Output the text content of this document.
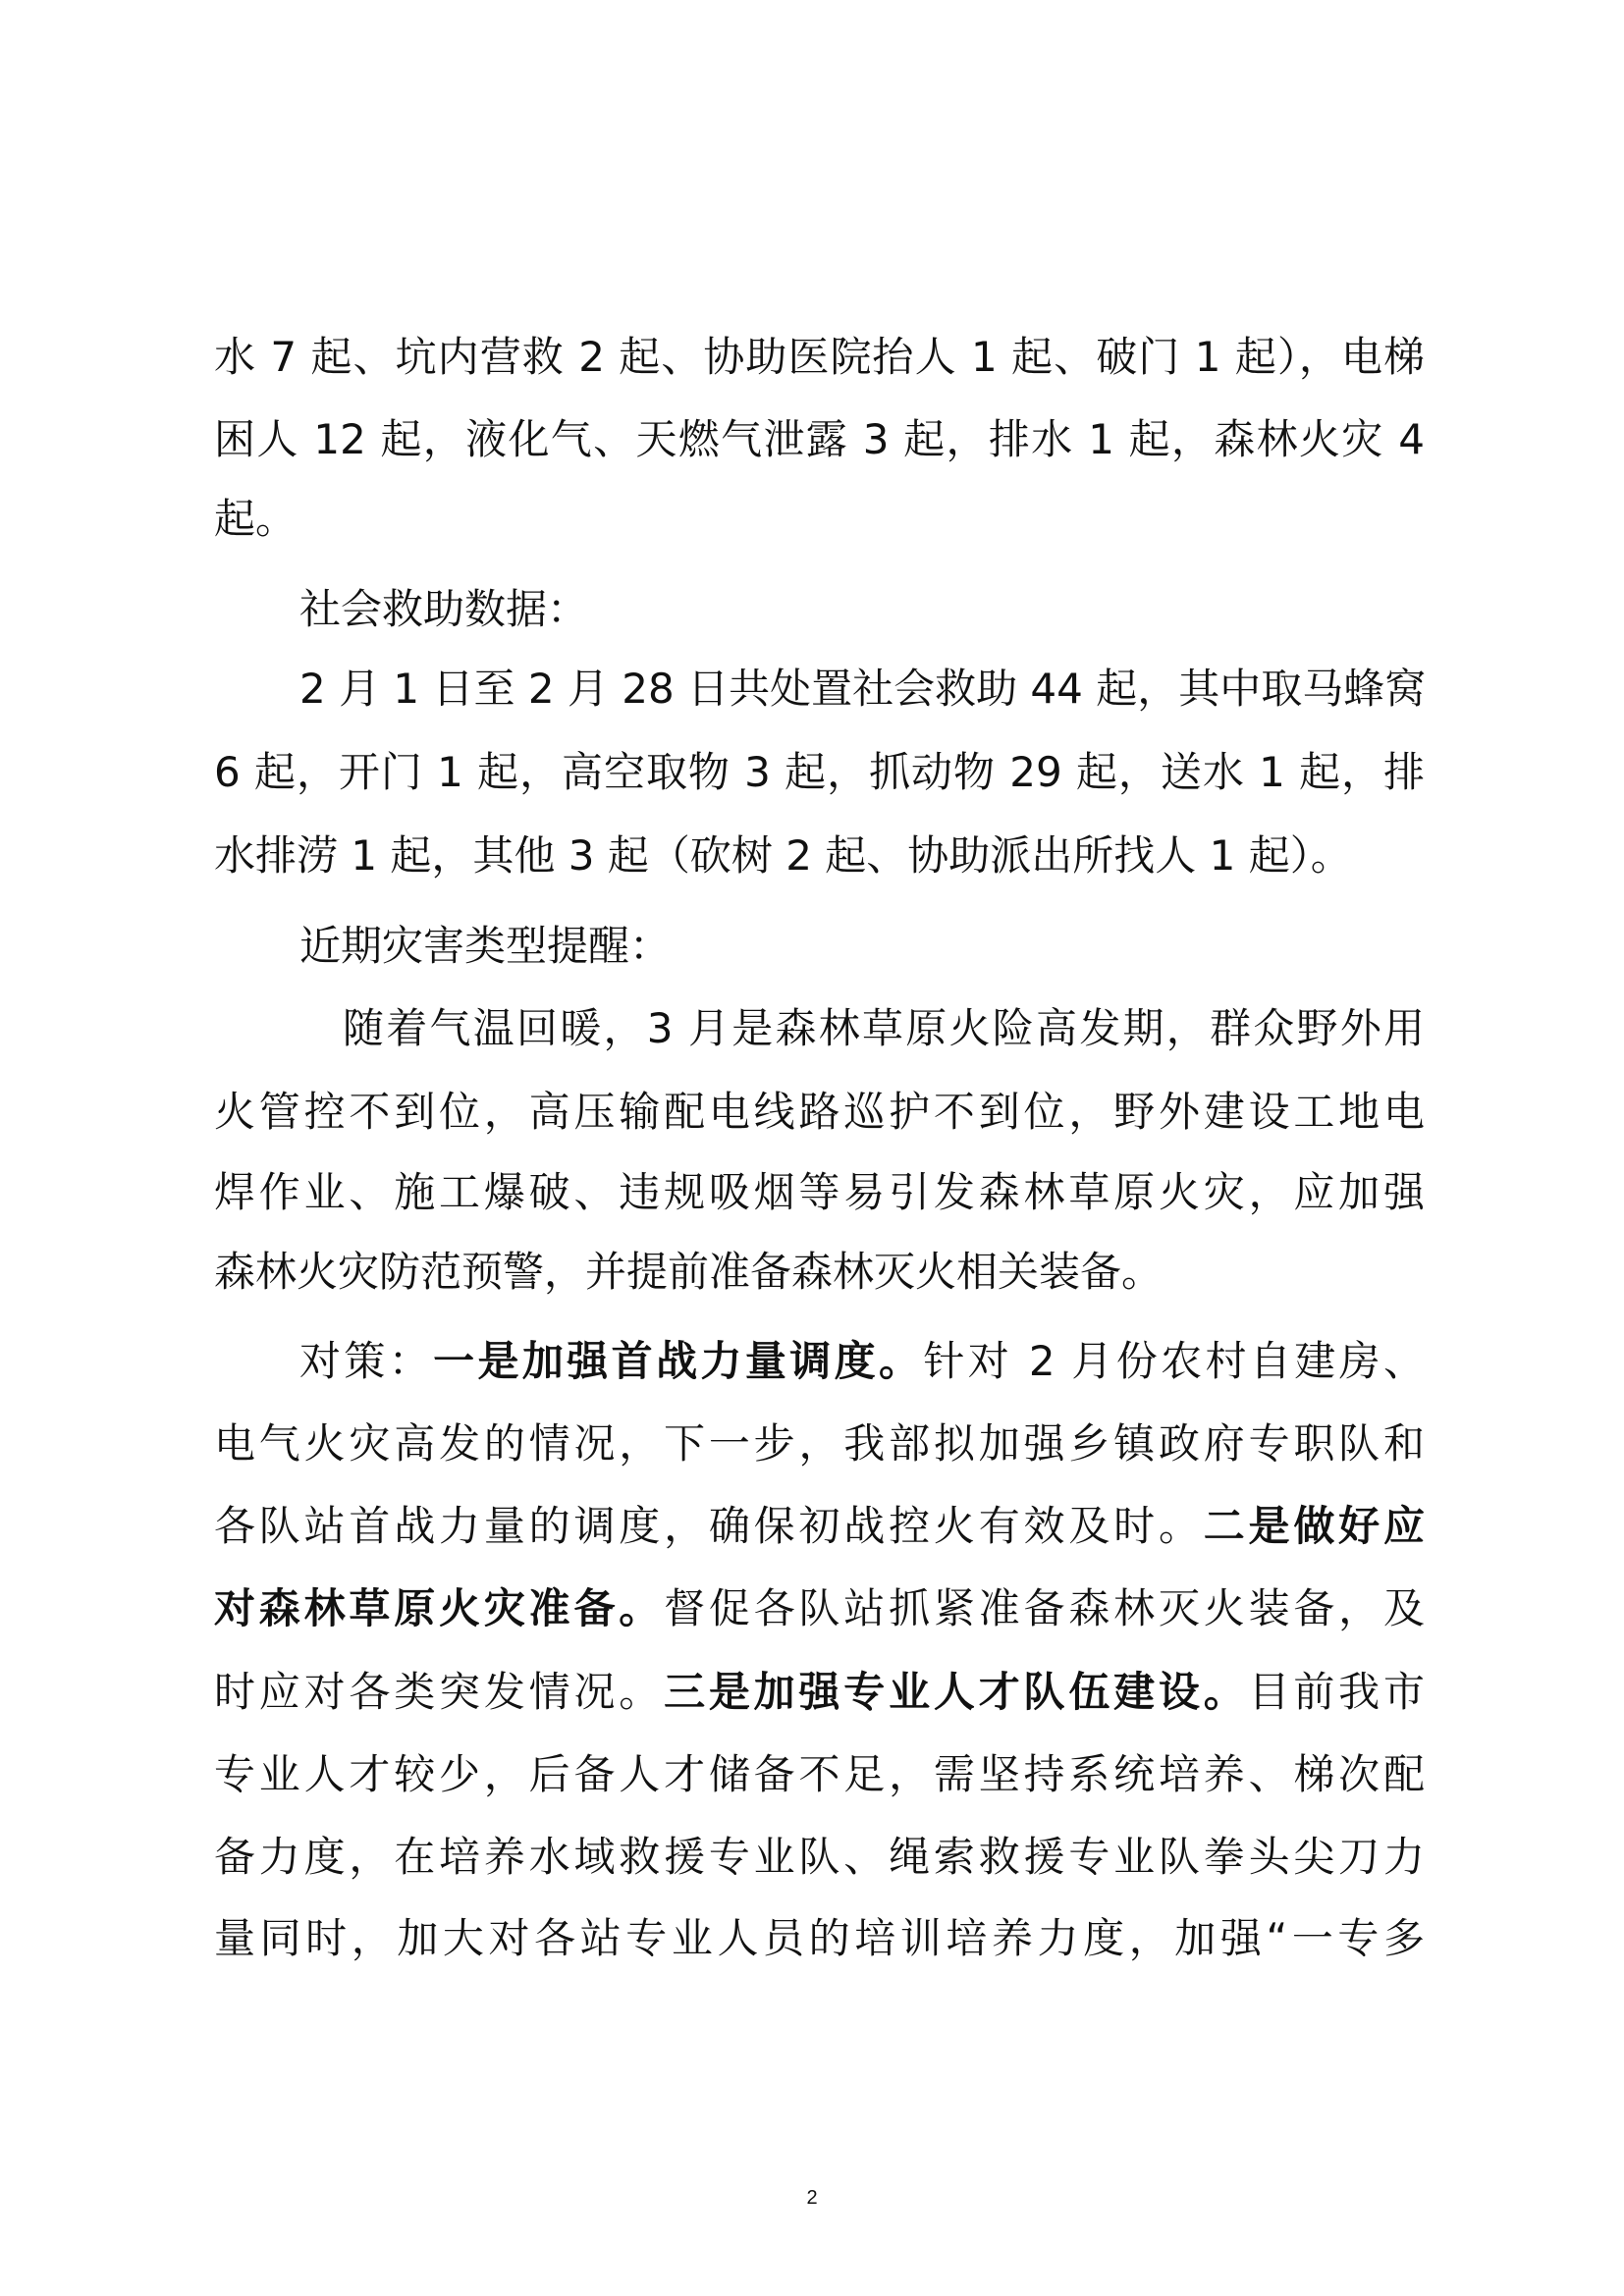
水 7 起、坑内营救 2 起、协助医院抬人 1 起、破门 1 起），电梯
困人 12 起，液化气、天燃气泄露 3 起，排水 1 起，森林火灾 4
起。
社会救助数据：
2 月 1 日至 2 月 28 日共处置社会救助 44 起，其中取马蜂窝
6 起，开门 1 起，高空取物 3 起，抓动物 29 起，送水 1 起，排
水排涝 1 起，其他 3 起（砍树 2 起、协助派出所找人 1 起）。
近期灾害类型提醒：
随着气温回暖，3 月是森林草原火险高发期，群众野外用
火管控不到位，高压输配电线路巡护不到位，野外建设工地电
焊作业、施工爆破、违规吸烟等易引发森林草原火灾，应加强
森林火灾防范预警，并提前准备森林灭火相关装备。
对策：一是加强首战力量调度。针对 2 月份农村自建房、
电气火灾高发的情况，下一步，我部拟加强乡镇政府专职队和
各队站首战力量的调度，确保初战控火有效及时。二是做好应
对森林草原火灾准备。督促各队站抓紧准备森林灭火装备，及
时应对各类突发情况。三是加强专业人才队伍建设。目前我市
专业人才较少，后备人才储备不足，需坚持系统培养、梯次配
备力度，在培养水域救援专业队、绳索救援专业队拳头尖刀力
量同时，加大对各站专业人员的培训培养力度，加强“一专多
2
